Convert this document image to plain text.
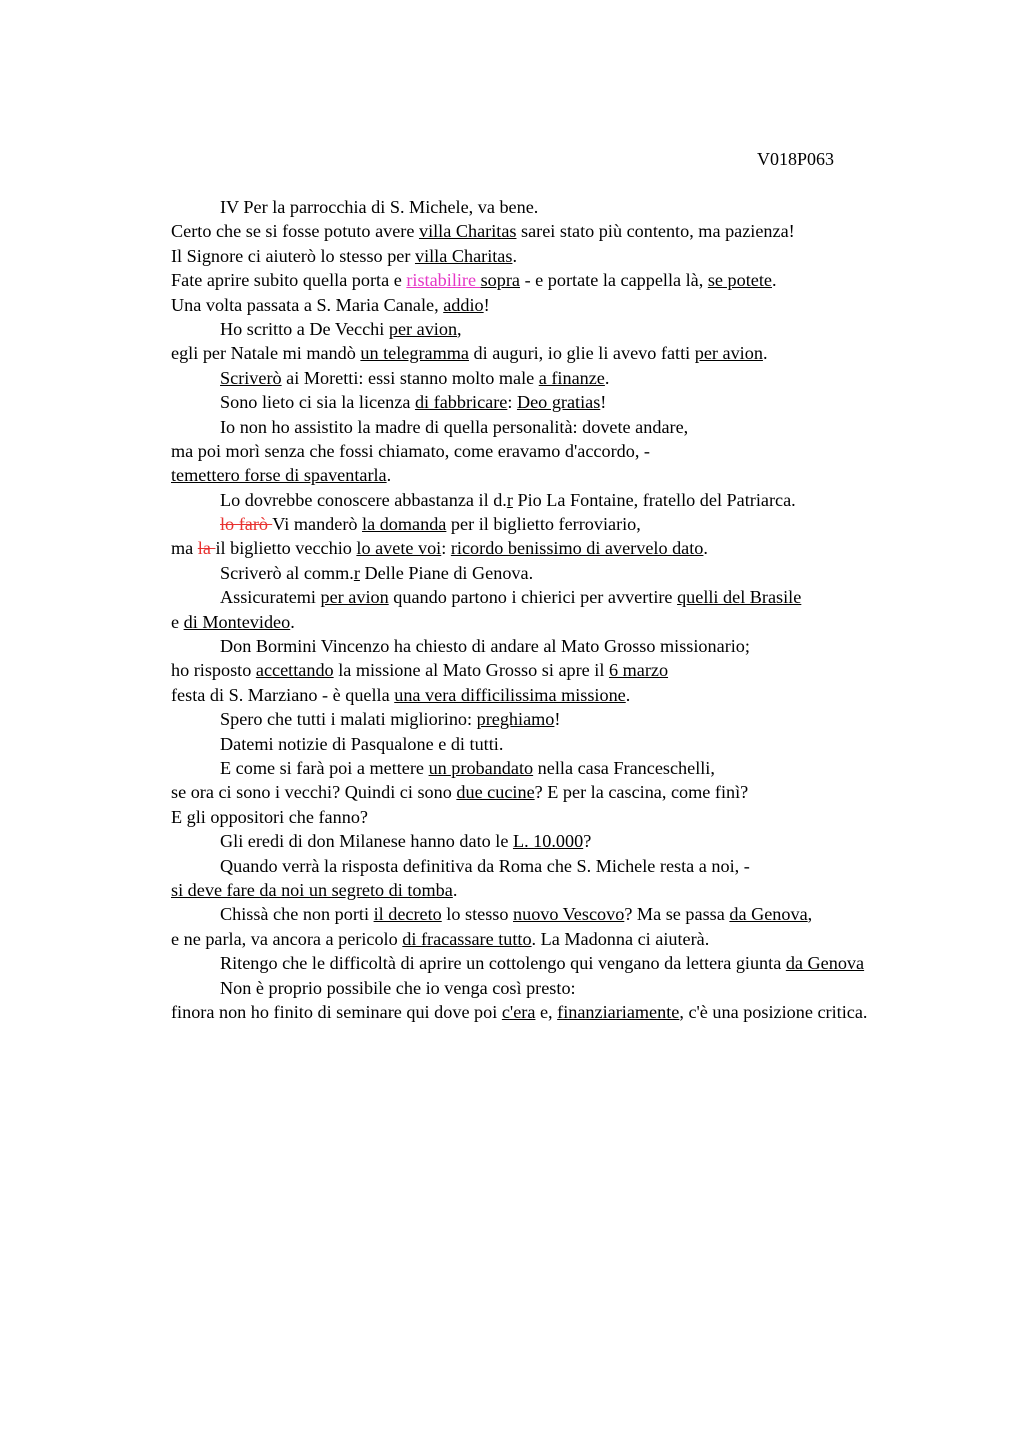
V018P063
IV Per la parrocchia di S. Michele, va bene.
Certo che se si fosse potuto avere villa Charitas sarei stato più contento, ma pazienza!
Il Signore ci aiuterò lo stesso per villa Charitas.
Fate aprire subito quella porta e ristabilire sopra - e portate la cappella là, se potete.
Una volta passata a S. Maria Canale, addio!
Ho scritto a De Vecchi per avion,
egli per Natale mi mandò un telegramma di auguri, io glie li avevo fatti per avion.
Scriverò ai Moretti: essi stanno molto male a finanze.
Sono lieto ci sia la licenza di fabbricare: Deo gratias!
Io non ho assistito la madre di quella personalità: dovete andare,
ma poi morì senza che fossi chiamato, come eravamo d'accordo, -
temettero forse di spaventarla.
Lo dovrebbe conoscere abbastanza il d.r Pio La Fontaine, fratello del Patriarca.
lo farò Vi manderò la domanda per il biglietto ferroviario,
ma la il biglietto vecchio lo avete voi: ricordo benissimo di avervelo dato.
Scriverò al comm.r Delle Piane di Genova.
Assicuratemi per avion quando partono i chierici per avvertire quelli del Brasile
e di Montevideo.
Don Bormini Vincenzo ha chiesto di andare al Mato Grosso missionario;
ho risposto accettando la missione al Mato Grosso si apre il 6 marzo
festa di S. Marziano - è quella una vera difficilissima missione.
Spero che tutti i malati migliorino: preghiamo!
Datemi notizie di Pasqualone e di tutti.
E come si farà poi a mettere un probandato nella casa Franceschelli,
se ora ci sono i vecchi? Quindi ci sono due cucine? E per la cascina, come finì?
E gli oppositori che fanno?
Gli eredi di don Milanese hanno dato le L. 10.000?
Quando verrà la risposta definitiva da Roma che S. Michele resta a noi, -
si deve fare da noi un segreto di tomba.
Chissà che non porti il decreto lo stesso nuovo Vescovo? Ma se passa da Genova,
e ne parla, va ancora a pericolo di fracassare tutto. La Madonna ci aiuterà.
Ritengo che le difficoltà di aprire un cottolengo qui vengano da lettera giunta da Genova
Non è proprio possibile che io venga così presto:
finora non ho finito di seminare qui dove poi c'era e, finanziariamente, c'è una posizione critica.
